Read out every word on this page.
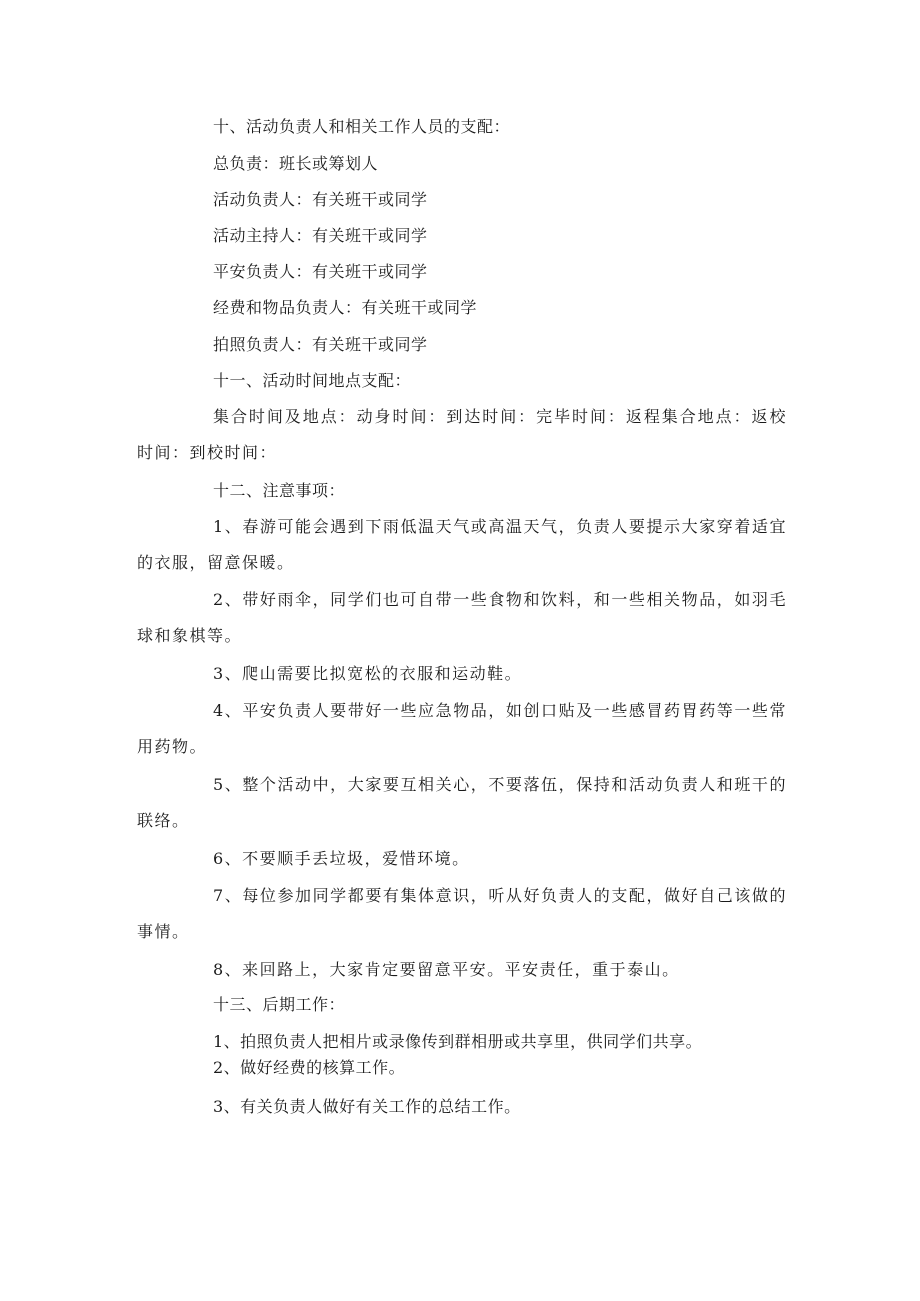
十、活动负责人和相关工作人员的支配：
总负责：班长或筹划人
活动负责人：有关班干或同学
活动主持人：有关班干或同学
平安负责人：有关班干或同学
经费和物品负责人：有关班干或同学
拍照负责人：有关班干或同学
十一、活动时间地点支配：
集合时间及地点：动身时间：到达时间：完毕时间：返程集合地点：返校时间：到校时间：
十二、注意事项：
1、春游可能会遇到下雨低温天气或高温天气，负责人要提示大家穿着适宜的衣服，留意保暖。
2、带好雨伞，同学们也可自带一些食物和饮料，和一些相关物品，如羽毛球和象棋等。
3、爬山需要比拟宽松的衣服和运动鞋。
4、平安负责人要带好一些应急物品，如创口贴及一些感冒药胃药等一些常用药物。
5、整个活动中，大家要互相关心，不要落伍，保持和活动负责人和班干的联络。
6、不要顺手丢垃圾，爱惜环境。
7、每位参加同学都要有集体意识，听从好负责人的支配，做好自己该做的事情。
8、来回路上，大家肯定要留意平安。平安责任，重于泰山。
十三、后期工作：
1、拍照负责人把相片或录像传到群相册或共享里，供同学们共享。
2、做好经费的核算工作。
3、有关负责人做好有关工作的总结工作。
